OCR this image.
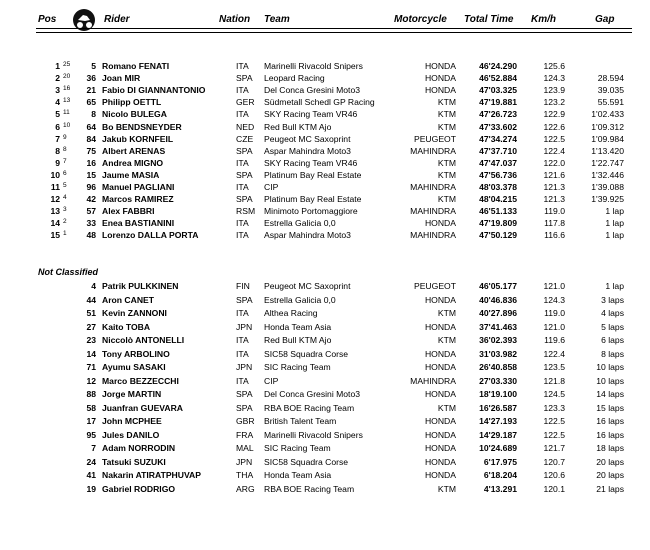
Pos	Rider	Nation Team	Motorcycle Total Time Km/h	Gap
1 25	5 Romano FENATI	ITA Marinelli Rivacold Snipers	HONDA	46'24.290	125.6
2 20	36 Joan MIR	SPA Leopard Racing	HONDA	46'52.884	124.3	28.594
3 16	21 Fabio DI GIANNANTONIO	ITA Del Conca Gresini Moto3	HONDA	47'03.325	123.9	39.035
4 13	65 Philipp OETTL	GER Südmetall Schedl GP Racing	KTM	47'19.881	123.2	55.591
5 11	8 Nicolo BULEGA	ITA SKY Racing Team VR46	KTM	47'26.723	122.9	1'02.433
6 10	64 Bo BENDSNEYDER	NED Red Bull KTM Ajo	KTM	47'33.602	122.6	1'09.312
7 9	84 Jakub KORNFEIL	CZE Peugeot MC Saxoprint	PEUGEOT	47'34.274	122.5	1'09.984
8 8	75 Albert ARENAS	SPA Aspar Mahindra Moto3	MAHINDRA	47'37.710	122.4	1'13.420
9 7	16 Andrea MIGNO	ITA SKY Racing Team VR46	KTM	47'47.037	122.0	1'22.747
10 6	15 Jaume MASIA	SPA Platinum Bay Real Estate	KTM	47'56.736	121.6	1'32.446
11 5	96 Manuel PAGLIANI	ITA CIP	MAHINDRA	48'03.378	121.3	1'39.088
12 4	42 Marcos RAMIREZ	SPA Platinum Bay Real Estate	KTM	48'04.215	121.3	1'39.925
13 3	57 Alex FABBRI	RSM Minimoto Portomaggiore	MAHINDRA	46'51.133	119.0	1 lap
14 2	33 Enea BASTIANINI	ITA Estrella Galicia 0,0	HONDA	47'19.809	117.8	1 lap
15 1	48 Lorenzo DALLA PORTA	ITA Aspar Mahindra Moto3	MAHINDRA	47'50.129	116.6	1 lap
Not Classified
4 Patrik PULKKINEN	FIN Peugeot MC Saxoprint	PEUGEOT	46'05.177	121.0	1 lap
44 Aron CANET	SPA Estrella Galicia 0,0	HONDA	40'46.836	124.3	3 laps
51 Kevin ZANNONI	ITA Althea Racing	KTM	40'27.896	119.0	4 laps
27 Kaito TOBA	JPN Honda Team Asia	HONDA	37'41.463	121.0	5 laps
23 Niccolò ANTONELLI	ITA Red Bull KTM Ajo	KTM	36'02.393	119.6	6 laps
14 Tony ARBOLINO	ITA SIC58 Squadra Corse	HONDA	31'03.982	122.4	8 laps
71 Ayumu SASAKI	JPN SIC Racing Team	HONDA	26'40.858	123.5	10 laps
12 Marco BEZZECCHI	ITA CIP	MAHINDRA	27'03.330	121.8	10 laps
88 Jorge MARTIN	SPA Del Conca Gresini Moto3	HONDA	18'19.100	124.5	14 laps
58 Juanfran GUEVARA	SPA RBA BOE Racing Team	KTM	16'26.587	123.3	15 laps
17 John MCPHEE	GBR British Talent Team	HONDA	14'27.193	122.5	16 laps
95 Jules DANILO	FRA Marinelli Rivacold Snipers	HONDA	14'29.187	122.5	16 laps
7 Adam NORRODIN	MAL SIC Racing Team	HONDA	10'24.689	121.7	18 laps
24 Tatsuki SUZUKI	JPN SIC58 Squadra Corse	HONDA	6'17.975	120.7	20 laps
41 Nakarin ATIRATPHUVAP	THA Honda Team Asia	HONDA	6'18.204	120.6	20 laps
19 Gabriel RODRIGO	ARG RBA BOE Racing Team	KTM	4'13.291	120.1	21 laps
